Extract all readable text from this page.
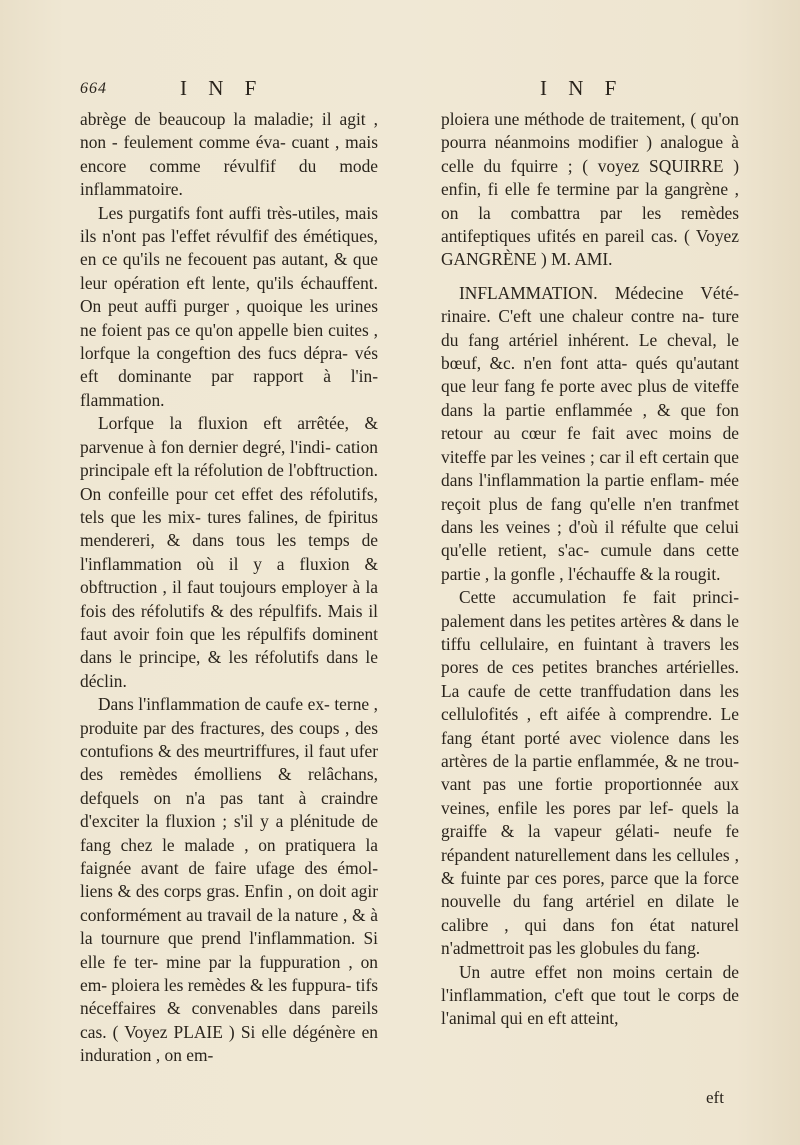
664	I N F	I N F

abrège de beaucoup la maladie; il agit , non - feulement comme éva- cuant , mais encore comme révulfif du mode inflammatoire.

Les purgatifs font auffi très-utiles, mais ils n'ont pas l'effet révulfif des émétiques, en ce qu'ils ne fecouent pas autant, & que leur opération eft lente, qu'ils échauffent. On peut auffi purger , quoique les urines ne foient pas ce qu'on appelle bien cuites , lorfque la congeftion des fucs dépra- vés eft dominante par rapport à l'in- flammation.

Lorfque la fluxion eft arrêtée, & parvenue à fon dernier degré, l'indi- cation principale eft la réfolution de l'obftruction. On confeille pour cet effet des réfolutifs, tels que les mix- tures falines, de fpiritus mendereri, & dans tous les temps de l'inflammation où il y a fluxion & obftruction , il faut toujours employer à la fois des réfolutifs & des répulfifs. Mais il faut avoir foin que les répulfifs dominent dans le principe, & les réfolutifs dans le déclin.

Dans l'inflammation de caufe ex- terne , produite par des fractures, des coups , des contufions & des meurtriffures, il faut ufer des remèdes émolliens & relâchans, defquels on n'a pas tant à craindre d'exciter la fluxion ; s'il y a plénitude de fang chez le malade , on pratiquera la faignée avant de faire ufage des émol- liens & des corps gras. Enfin , on doit agir conformément au travail de la nature , & à la tournure que prend l'inflammation. Si elle fe ter- mine par la fuppuration , on em- ploiera les remèdes & les fuppura- tifs néceffaires & convenables dans pareils cas. ( Voyez PLAIE ) Si elle dégénère en induration , on em-

ploiera une méthode de traitement, ( qu'on pourra néanmoins modifier ) analogue à celle du fquirre ; ( voyez SQUIRRE ) enfin, fi elle fe termine par la gangrène , on la combattra par les remèdes antifeptiques ufités en pareil cas. ( Voyez GANGRÈNE ) M. AMI.

INFLAMMATION. Médecine Vété- rinaire. C'eft une chaleur contre na- ture du fang artériel inhérent. Le cheval, le bœuf, &c. n'en font atta- qués qu'autant que leur fang fe porte avec plus de viteffe dans la partie enflammée , & que fon retour au cœur fe fait avec moins de viteffe par les veines ; car il eft certain que dans l'inflammation la partie enflam- mée reçoit plus de fang qu'elle n'en tranfmet dans les veines ; d'où il réfulte que celui qu'elle retient, s'ac- cumule dans cette partie , la gonfle , l'échauffe & la rougit.

Cette accumulation fe fait princi- palement dans les petites artères & dans le tiffu cellulaire, en fuintant à travers les pores de ces petites branches artérielles. La caufe de cette tranffudation dans les cellulofités , eft aifée à comprendre. Le fang étant porté avec violence dans les artères de la partie enflammée, & ne trou- vant pas une fortie proportionnée aux veines, enfile les pores par lef- quels la graiffe & la vapeur gélati- neufe fe répandent naturellement dans les cellules , & fuinte par ces pores, parce que la force nouvelle du fang artériel en dilate le calibre , qui dans fon état naturel n'admettroit pas les globules du fang.

Un autre effet non moins certain de l'inflammation, c'eft que tout le corps de l'animal qui en eft atteint,

eft
